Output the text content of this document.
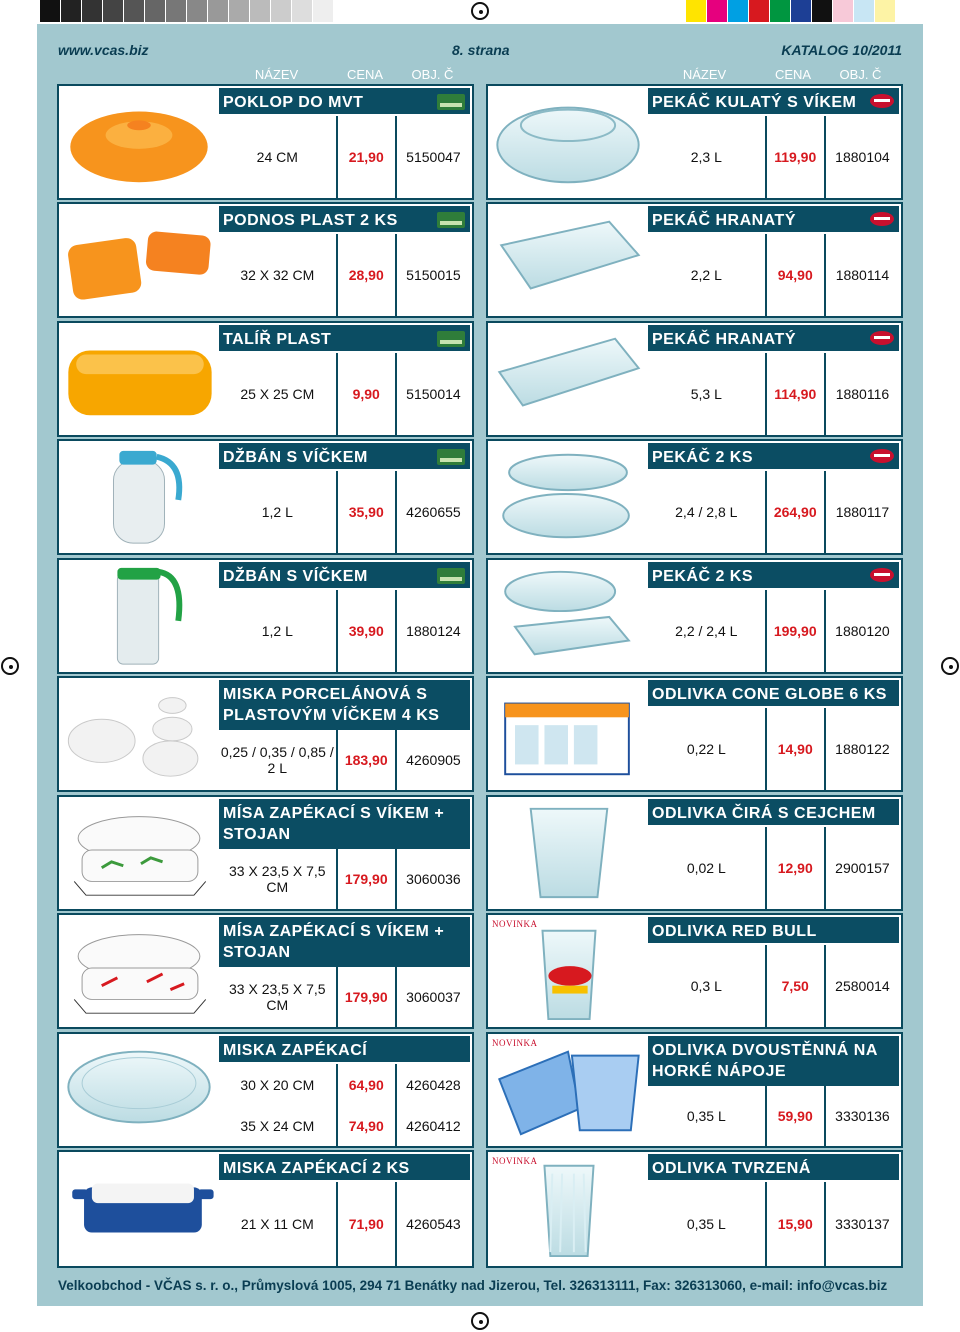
www.vcas.biz	8. strana	KATALOG 10/2011
NÁZEV	CENA	OBJ. Č	NÁZEV	CENA	OBJ. Č
POKLOP DO MVT
24 CM	21,90	5150047
PODNOS PLAST 2 KS
32 X 32 CM	28,90	5150015
TALÍŘ PLAST
25 X 25 CM	9,90	5150014
DŽBÁN S VÍČKEM
1,2 L	35,90	4260655
DŽBÁN S VÍČKEM
1,2 L	39,90	1880124
MISKA PORCELÁNOVÁ S PLASTOVÝM VÍČKEM 4 KS
0,25 / 0,35 / 0,85 / 2 L	183,90	4260905
MÍSA ZAPÉKACÍ S VÍKEM + STOJAN
33 X 23,5 X 7,5 CM	179,90	3060036
MÍSA ZAPÉKACÍ S VÍKEM + STOJAN
33 X 23,5 X 7,5 CM	179,90	3060037
MISKA ZAPÉKACÍ
30 X 20 CM	64,90	4260428
35 X 24 CM	74,90	4260412
MISKA ZAPÉKACÍ 2 KS
21 X 11 CM	71,90	4260543
PEKÁČ KULATÝ S VÍKEM
2,3 L	119,90	1880104
PEKÁČ HRANATÝ
2,2 L	94,90	1880114
PEKÁČ HRANATÝ
5,3 L	114,90	1880116
PEKÁČ 2 KS
2,4 / 2,8 L	264,90	1880117
PEKÁČ 2 KS
2,2 / 2,4 L	199,90	1880120
ODLIVKA CONE GLOBE 6 KS
0,22 L	14,90	1880122
ODLIVKA ČIRÁ S CEJCHEM
0,02 L	12,90	2900157
NOVINKA	ODLIVKA RED BULL
0,3 L	7,50	2580014
NOVINKA	ODLIVKA DVOUSTĚNNÁ NA HORKÉ NÁPOJE
0,35 L	59,90	3330136
NOVINKA	ODLIVKA TVRZENÁ
0,35 L	15,90	3330137
Velkoobchod - VČAS s. r. o., Průmyslová 1005, 294 71 Benátky nad Jizerou, Tel. 326313111, Fax: 326313060, e-mail: info@vcas.biz
